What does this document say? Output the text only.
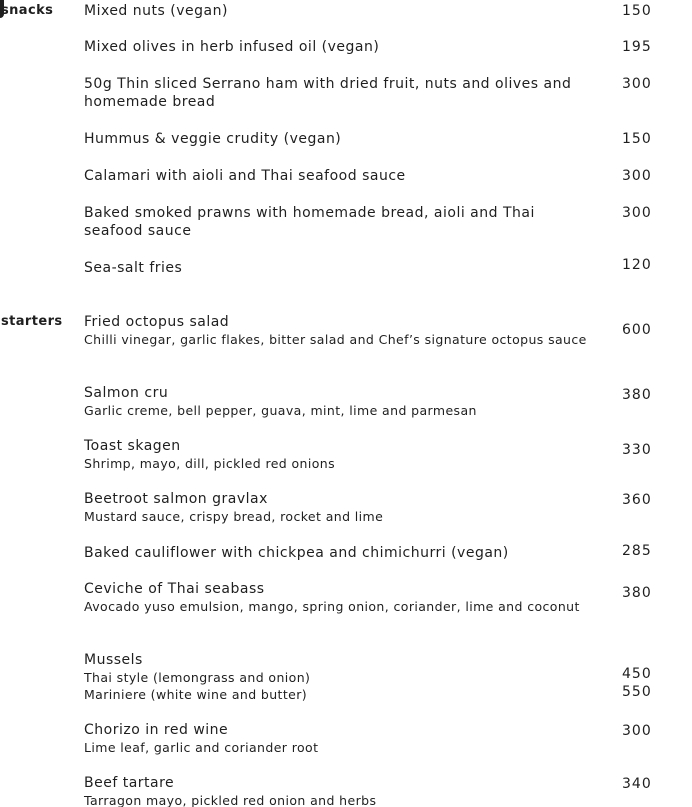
snacks Mixed nuts (vegan)	150
Mixed olives in herb infused oil (vegan)	195
50g Thin sliced Serrano ham with dried fruit, nuts and olives and homemade bread
300
Hummus & veggie crudity (vegan)	150
Calamari with aioli and Thai seafood sauce	300
Baked smoked prawns with homemade bread, aioli and Thai seafood sauce
300
Sea-salt fries	120
starters Fried octopus salad
Chilli vinegar, garlic flakes, bitter salad and Chef’s signature octopus sauce
600
Salmon cru
Garlic creme, bell pepper, guava, mint, lime and parmesan
380
Toast skagen
Shrimp, mayo, dill, pickled red onions
330
Beetroot salmon gravlax
Mustard sauce, crispy bread, rocket and lime
360
Baked cauliflower with chickpea and chimichurri (vegan)	285
Ceviche of Thai seabass
Avocado yuso emulsion, mango, spring onion, coriander, lime and coconut
380
Mussels
Thai style (lemongrass and onion)	450
Mariniere (white wine and butter)	550
Chorizo in red wine
Lime leaf, garlic and coriander root
300
Beef tartare
Tarragon mayo, pickled red onion and herbs
340
